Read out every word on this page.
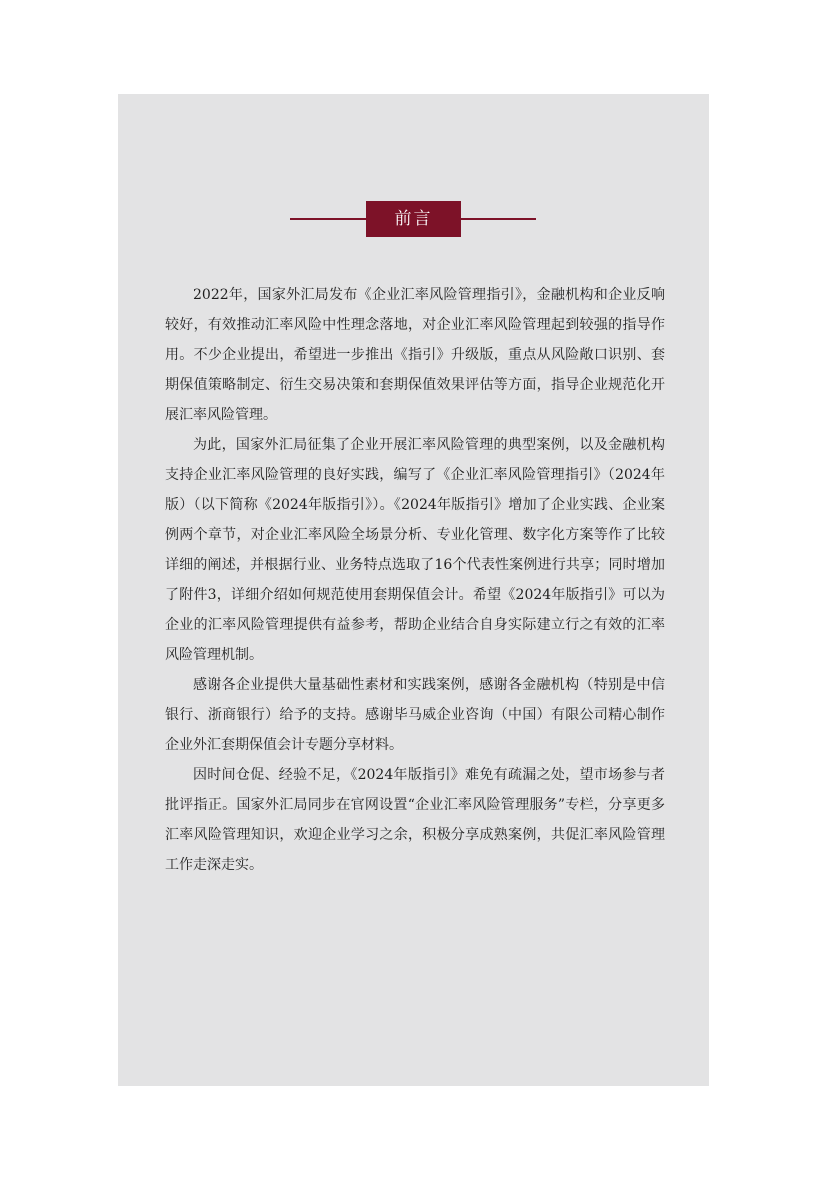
前言

2022年，国家外汇局发布《企业汇率风险管理指引》，金融机构和企业反响较好，有效推动汇率风险中性理念落地，对企业汇率风险管理起到较强的指导作用。不少企业提出，希望进一步推出《指引》升级版，重点从风险敞口识别、套期保值策略制定、衍生交易决策和套期保值效果评估等方面，指导企业规范化开展汇率风险管理。

为此，国家外汇局征集了企业开展汇率风险管理的典型案例，以及金融机构支持企业汇率风险管理的良好实践，编写了《企业汇率风险管理指引》（2024年版）（以下简称《2024年版指引》）。《2024年版指引》增加了企业实践、企业案例两个章节，对企业汇率风险全场景分析、专业化管理、数字化方案等作了比较详细的阐述，并根据行业、业务特点选取了16个代表性案例进行共享；同时增加了附件3，详细介绍如何规范使用套期保值会计。希望《2024年版指引》可以为企业的汇率风险管理提供有益参考，帮助企业结合自身实际建立行之有效的汇率风险管理机制。

感谢各企业提供大量基础性素材和实践案例，感谢各金融机构（特别是中信银行、浙商银行）给予的支持。感谢毕马威企业咨询（中国）有限公司精心制作企业外汇套期保值会计专题分享材料。

因时间仓促、经验不足，《2024年版指引》难免有疏漏之处，望市场参与者批评指正。国家外汇局同步在官网设置“企业汇率风险管理服务”专栏，分享更多汇率风险管理知识，欢迎企业学习之余，积极分享成熟案例，共促汇率风险管理工作走深走实。
